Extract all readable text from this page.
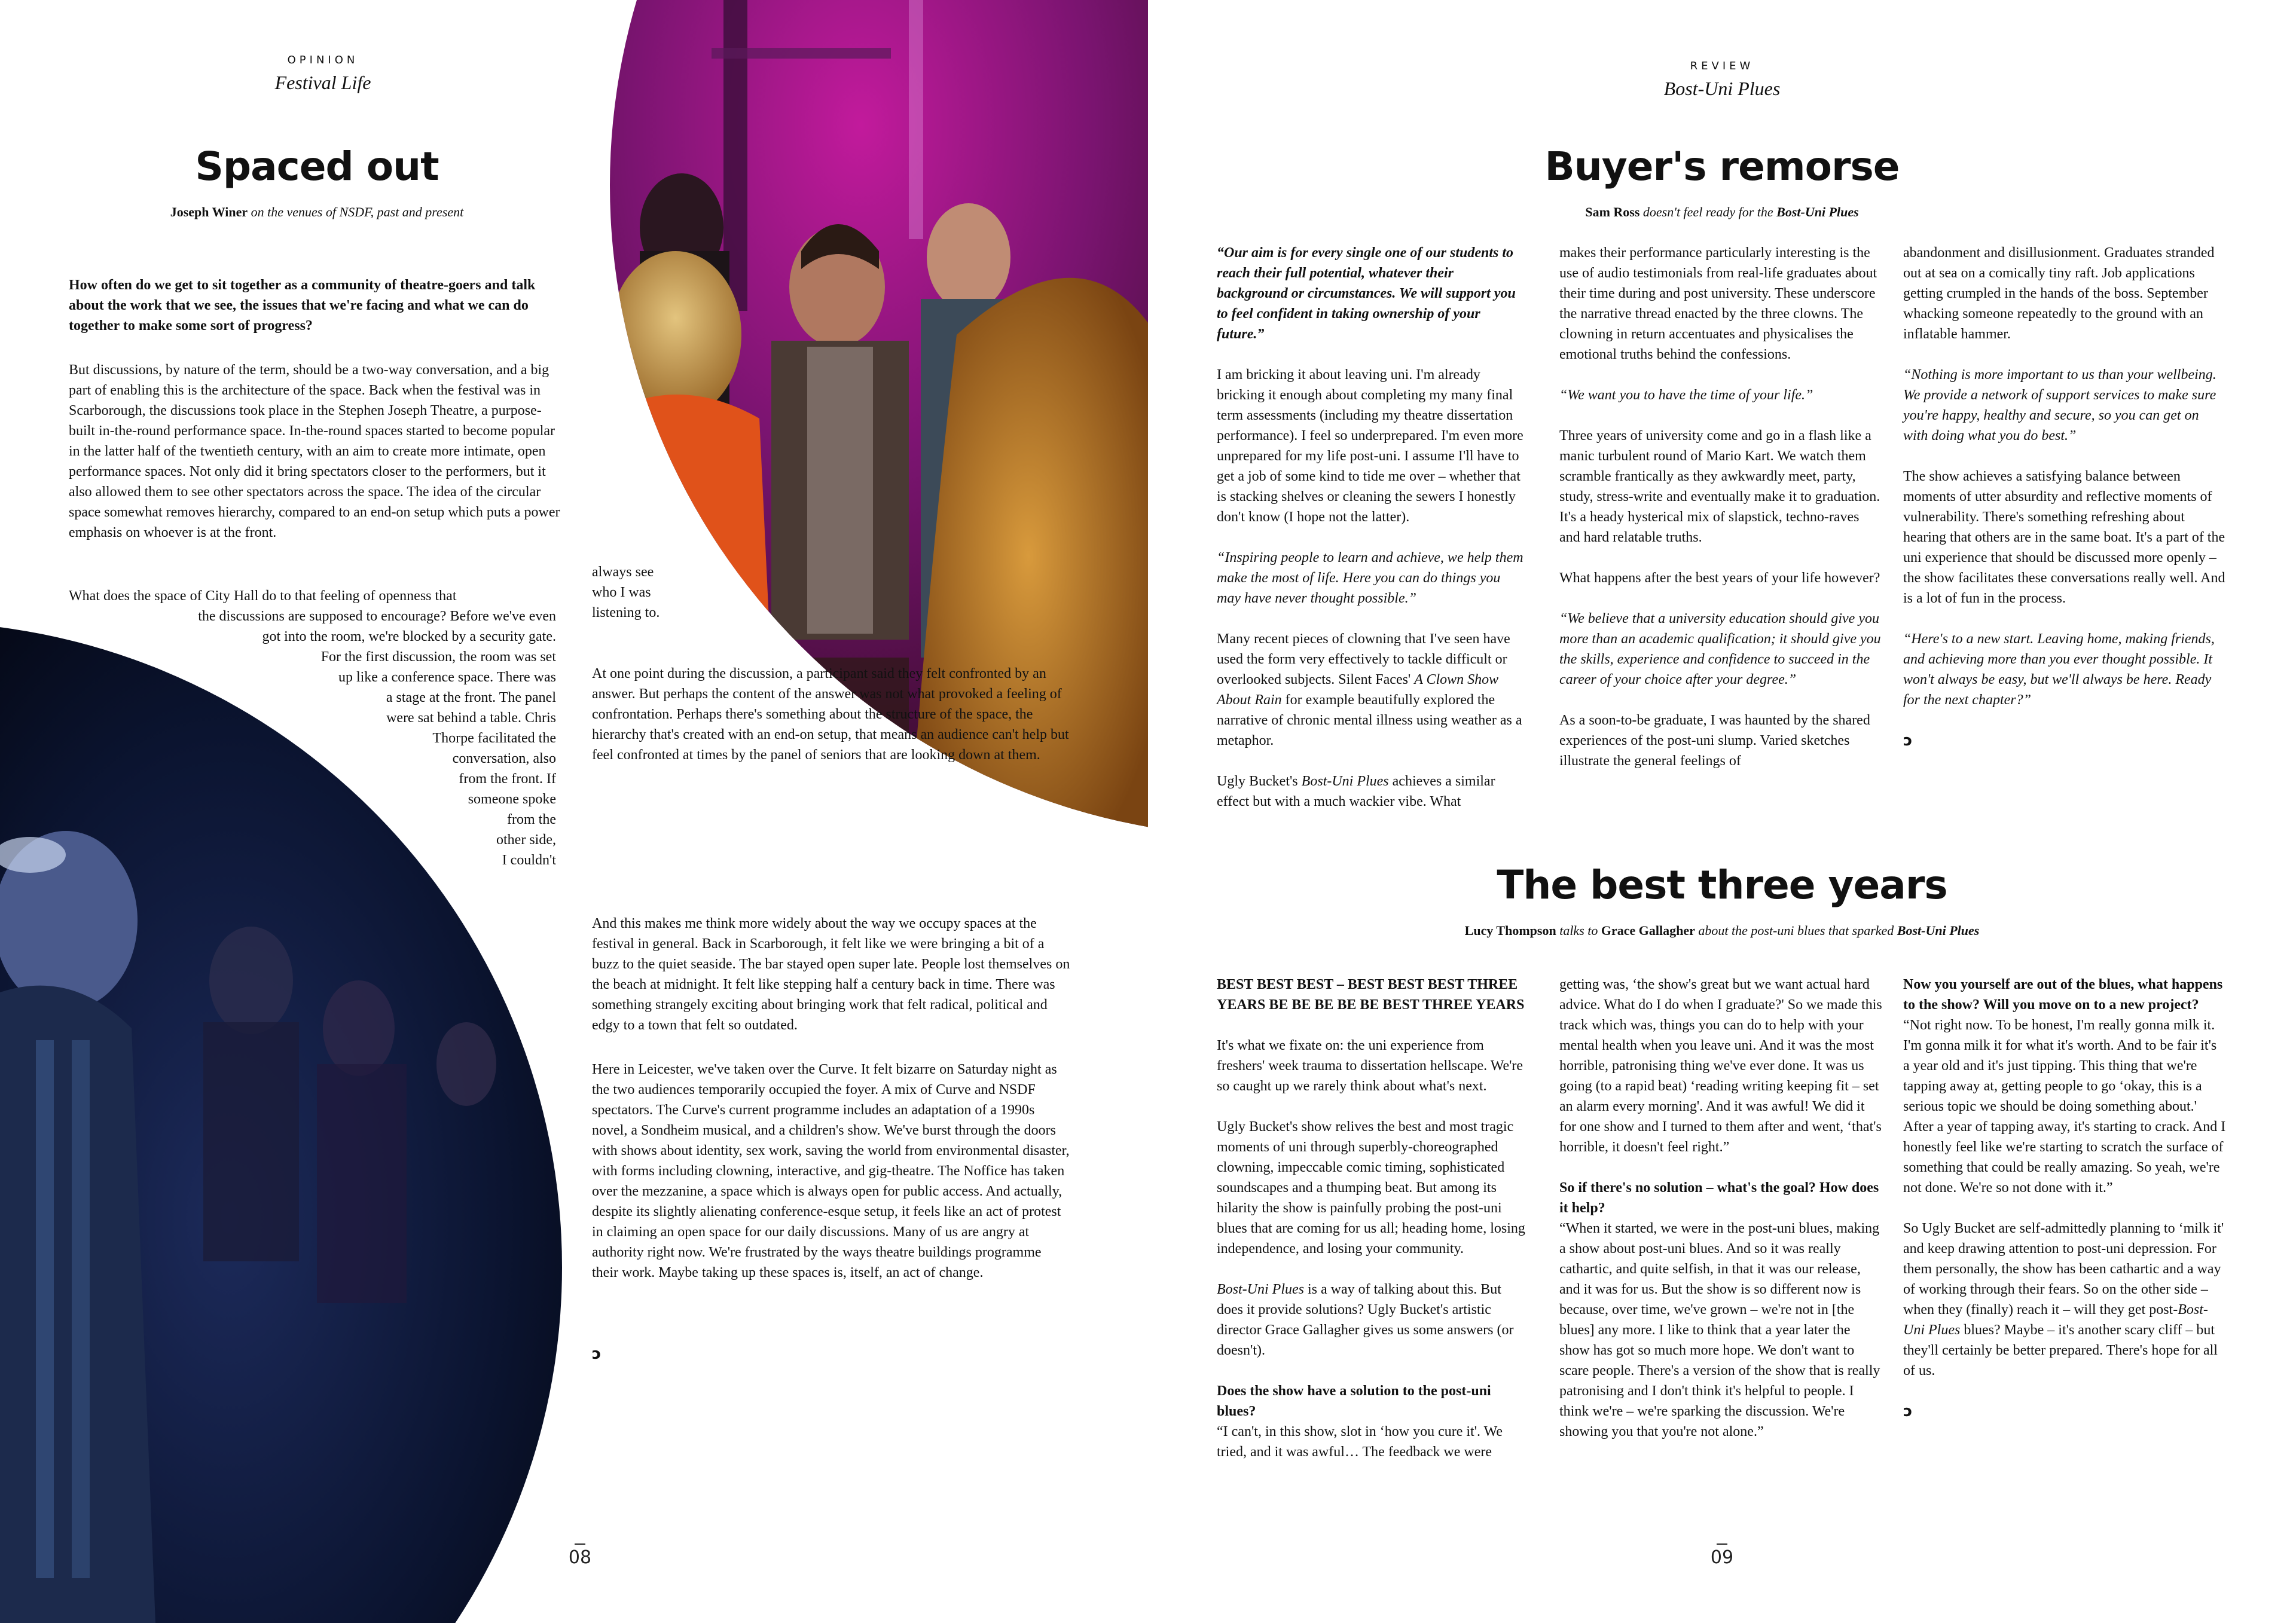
OPINION
Festival Life
Spaced out
Joseph Winer on the venues of NSDF, past and present
How often do we get to sit together as a community of theatre-goers and talk about the work that we see, the issues that we're facing and what we can do together to make some sort of progress?
But discussions, by nature of the term, should be a two-way conversation, and a big part of enabling this is the architecture of the space. Back when the festival was in Scarborough, the discussions took place in the Stephen Joseph Theatre, a purpose-built in-the-round performance space. In-the-round spaces started to become popular in the latter half of the twentieth century, with an aim to create more intimate, open performance spaces. Not only did it bring spectators closer to the performers, but it also allowed them to see other spectators across the space. The idea of the circular space somewhat removes hierarchy, compared to an end-on setup which puts a power emphasis on whoever is at the front.
What does the space of City Hall do to that feeling of openness that
the discussions are supposed to encourage? Before we've even
got into the room, we're blocked by a security gate.
For the first discussion, the room was set
up like a conference space. There was
a stage at the front. The panel
were sat behind a table. Chris
Thorpe facilitated the
conversation, also
from the front. If
someone spoke
from the
other side,
I couldn't
always see who I was listening to.
At one point during the discussion, a participant said they felt confronted by an answer. But perhaps the content of the answer was not what provoked a feeling of confrontation. Perhaps there's something about the structure of the space, the hierarchy that's created with an end-on setup, that means an audience can't help but feel confronted at times by the panel of seniors that are looking down at them.
And this makes me think more widely about the way we occupy spaces at the festival in general. Back in Scarborough, it felt like we were bringing a bit of a buzz to the quiet seaside. The bar stayed open super late. People lost themselves on the beach at midnight. It felt like stepping half a century back in time. There was something strangely exciting about bringing work that felt radical, political and edgy to a town that felt so outdated.
Here in Leicester, we've taken over the Curve. It felt bizarre on Saturday night as the two audiences temporarily occupied the foyer. A mix of Curve and NSDF spectators. The Curve's current programme includes an adaptation of a 1990s novel, a Sondheim musical, and a children's show. We've burst through the doors with shows about identity, sex work, saving the world from environmental disaster, with forms including clowning, interactive, and gig-theatre. The Noffice has taken over the mezzanine, a space which is always open for public access. And actually, despite its slightly alienating conference-esque setup, it feels like an act of protest in claiming an open space for our daily discussions. Many of us are angry at authority right now. We're frustrated by the ways theatre buildings programme their work. Maybe taking up these spaces is, itself, an act of change.
ↄ
08
REVIEW
Bost-Uni Plues
Buyer's remorse
Sam Ross doesn't feel ready for the Bost-Uni Plues

“Our aim is for every single one of our students to reach their full potential, whatever their background or circumstances. We will support you to feel confident in taking ownership of your future.”

I am bricking it about leaving uni. I'm already bricking it enough about completing my many final term assessments (including my theatre dissertation performance). I feel so underprepared. I'm even more unprepared for my life post-uni. I assume I'll have to get a job of some kind to tide me over – whether that is stacking shelves or cleaning the sewers I honestly don't know (I hope not the latter).

“Inspiring people to learn and achieve, we help them make the most of life. Here you can do things you may have never thought possible.”

Many recent pieces of clowning that I've seen have used the form very effectively to tackle difficult or overlooked subjects. Silent Faces' A Clown Show About Rain for example beautifully explored the narrative of chronic mental illness using weather as a metaphor.

Ugly Bucket's Bost-Uni Plues achieves a similar effect but with a much wackier vibe. What

makes their performance particularly interesting is the use of audio testimonials from real-life graduates about their time during and post university. These underscore the narrative thread enacted by the three clowns. The clowning in return accentuates and physicalises the emotional truths behind the confessions.

“We want you to have the time of your life.”

Three years of university come and go in a flash like a manic turbulent round of Mario Kart. We watch them scramble frantically as they awkwardly meet, party, study, stress-write and eventually make it to graduation. It's a heady hysterical mix of slapstick, techno-raves and hard relatable truths.

What happens after the best years of your life however?

“We believe that a university education should give you more than an academic qualification; it should give you the skills, experience and confidence to succeed in the career of your choice after your degree.”

As a soon-to-be graduate, I was haunted by the shared experiences of the post-uni slump. Varied sketches illustrate the general feelings of

abandonment and disillusionment. Graduates stranded out at sea on a comically tiny raft. Job applications getting crumpled in the hands of the boss. September whacking someone repeatedly to the ground with an inflatable hammer.

“Nothing is more important to us than your wellbeing. We provide a network of support services to make sure you're happy, healthy and secure, so you can get on with doing what you do best.”

The show achieves a satisfying balance between moments of utter absurdity and reflective moments of vulnerability. There's something refreshing about hearing that others are in the same boat. It's a part of the uni experience that should be discussed more openly – the show facilitates these conversations really well. And is a lot of fun in the process.

“Here's to a new start. Leaving home, making friends, and achieving more than you ever thought possible. It won't always be easy, but we'll always be here. Ready for the next chapter?”

ↄ
The best three years
Lucy Thompson talks to Grace Gallagher about the post-uni blues that sparked Bost-Uni Plues

BEST BEST BEST – BEST BEST BEST THREE YEARS BE BE BE BE BE BEST THREE YEARS

It's what we fixate on: the uni experience from freshers' week trauma to dissertation hellscape. We're so caught up we rarely think about what's next.

Ugly Bucket's show relives the best and most tragic moments of uni through superbly-choreographed clowning, impeccable comic timing, sophisticated soundscapes and a thumping beat. But among its hilarity the show is painfully probing the post-uni blues that are coming for us all; heading home, losing independence, and losing your community.

Bost-Uni Plues is a way of talking about this. But does it provide solutions? Ugly Bucket's artistic director Grace Gallagher gives us some answers (or doesn't).

Does the show have a solution to the post-uni blues?

“I can't, in this show, slot in ‘how you cure it'. We tried, and it was awful… The feedback we were

getting was, ‘the show's great but we want actual hard advice. What do I do when I graduate?' So we made this track which was, things you can do to help with your mental health when you leave uni. And it was the most horrible, patronising thing we've ever done. It was us going (to a rapid beat) ‘reading writing keeping fit – set an alarm every morning'. And it was awful! We did it for one show and I turned to them after and went, ‘that's horrible, it doesn't feel right.”

So if there's no solution – what's the goal? How does it help?

“When it started, we were in the post-uni blues, making a show about post-uni blues. And so it was really cathartic, and quite selfish, in that it was our release, and it was for us. But the show is so different now is because, over time, we've grown – we're not in [the blues] any more. I like to think that a year later the show has got so much more hope. We don't want to scare people. There's a version of the show that is really patronising and I don't think it's helpful to people. I think we're – we're sparking the discussion. We're showing you that you're not alone.”

Now you yourself are out of the blues, what happens to the show? Will you move on to a new project?

“Not right now. To be honest, I'm really gonna milk it. I'm gonna milk it for what it's worth. And to be fair it's a year old and it's just tipping. This thing that we're tapping away at, getting people to go ‘okay, this is a serious topic we should be doing something about.' After a year of tapping away, it's starting to crack. And I honestly feel like we're starting to scratch the surface of something that could be really amazing. So yeah, we're not done. We're so not done with it.”

So Ugly Bucket are self-admittedly planning to ‘milk it' and keep drawing attention to post-uni depression. For them personally, the show has been cathartic and a way of working through their fears. So on the other side – when they (finally) reach it – will they get post-Bost-Uni Plues blues? Maybe – it's another scary cliff – but they'll certainly be better prepared. There's hope for all of us.

ↄ
09
